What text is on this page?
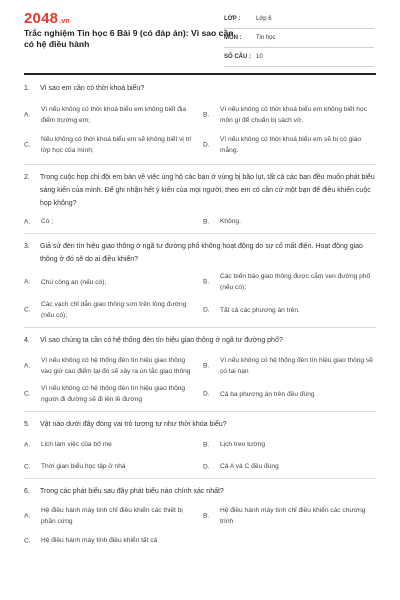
2048.vn
Trắc nghiệm Tin học 6 Bài 9 (có đáp án): Vì sao cần có hệ điều hành
LỚP :	Lớp 6
MÔN :	Tin học
SỐ CÂU : 10
1. Vì sao em cần có thời khoá biểu?
A.
Vì nếu không có thời khoá biểu em không biết địa điểm trường em;
B.
Vì nếu không có thời khoá biểu em không biết học môn gì để chuẩn bị sách vở;
C.
Nếu không có thời khoá biểu em sẽ không biết vị trí lớp học của mình;
D.
Vì nếu không có thời khoá biểu em sẽ bị có giáo mắng.
2. Trong cuộc họp chi đội em bàn về việc ủng hộ các bạn ở vùng bị bão lụt, tất cả các bạn đều muốn phát biểu sáng kiến của mình. Để ghi nhận hết ý kiến của mọi người, theo em có cần cử một bạn để điều khiển cuộc họp không?
A.	Có ;	B.	Không.
3. Giả sử đèn tín hiệu giao thông ở ngã tư đường phố không hoạt động do sự cố mất điện. Hoạt động giao thông ở đó sẽ do ai điều khiển?
A.	Chú công an (nếu có);	B.
Các biển báo giao thông được cắm ven đường phố (nếu có);
C.
Các vạch chỉ dẫn giao thông sơn trên lòng đường (nếu có);
D.	Tất cả các phương án trên.
4. Vì sao chúng ta cần có hệ thống đèn tín hiệu giao thông ở ngã tư đường phố?
A.
Vì nếu không có hệ thống đèn tín hiệu giao thông vào giờ cao điểm tại đó sẽ xảy ra ùn tắc giao thông
B.
Vì nếu không có hệ thống đèn tín hiệu giao thông sẽ có tai nạn
C.
Vì nếu không có hệ thống đèn tín hiệu giao thông người đi đường sẽ đi lên lề đường
D.	Cả ba phương án trên đều đúng
5. Vật nào dưới đây đóng vai trò tương tự như thời khóa biểu?
A.	Lịch làm việc của bố mẹ	B.	Lịch treo tường
C.	Thời gian biểu học tập ở nhà	D.	Cả A và C đều đúng
6. Trong các phát biểu sau đây phát biểu nào chính xác nhất?
A.
Hệ điều hành máy tính chỉ điều khiển các thiết bị phần cứng
B.
Hệ điều hành máy tính chỉ điều khiển các chương trình
C.	Hệ điều hành máy tính điều khiển tất cả
